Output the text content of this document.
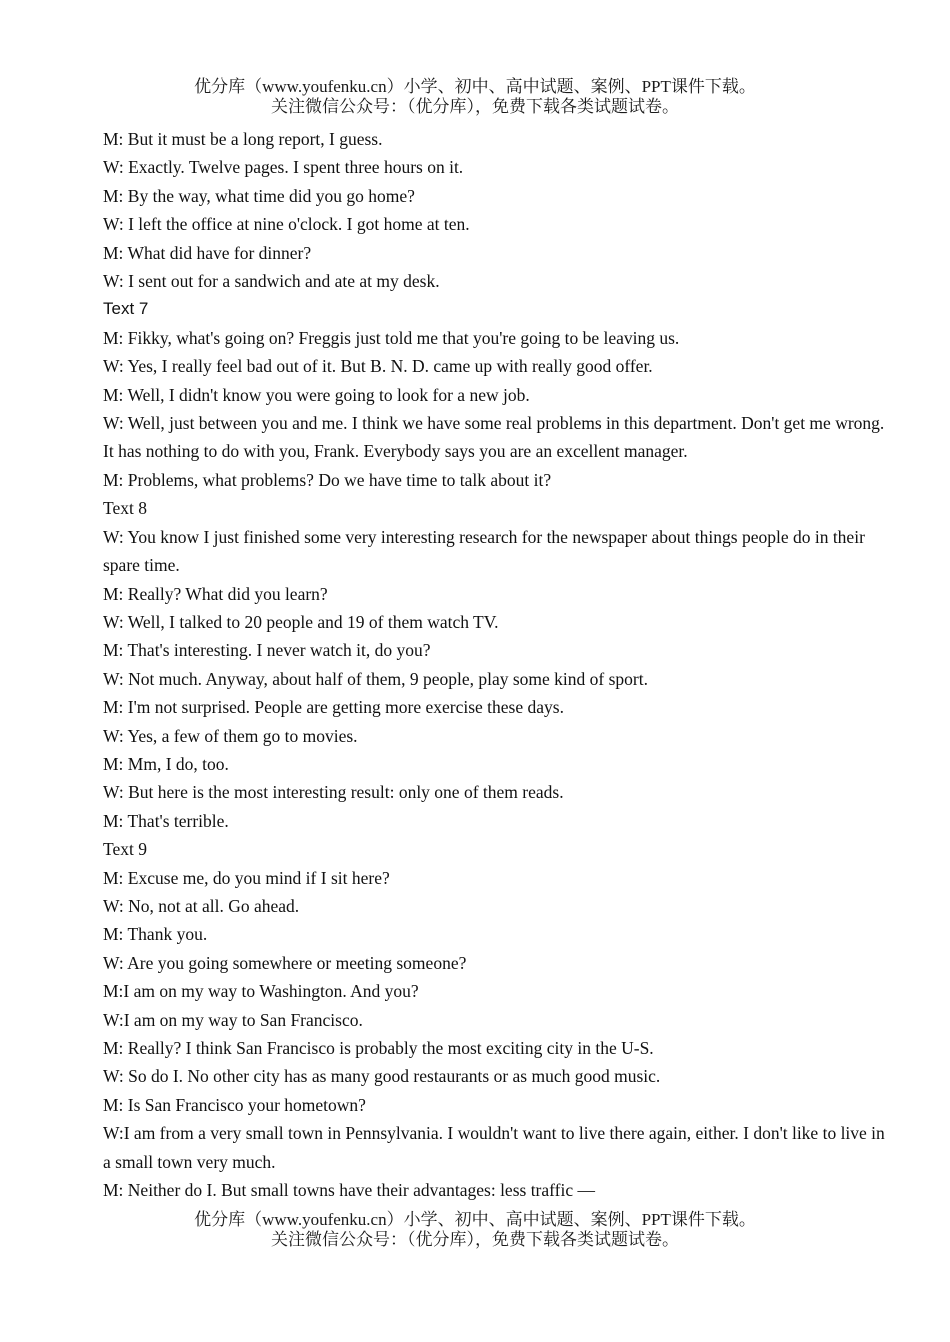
优分库（www.youfenku.cn）小学、初中、高中试题、案例、PPT课件下载。
关注微信公众号：（优分库），免费下载各类试题试卷。

M: But it must be a long report, I guess.

W: Exactly. Twelve pages. I spent three hours on it.

M: By the way, what time did you go home?

W: I left the office at nine o'clock. I got home at ten.

M: What did have for dinner?

W: I sent out for a sandwich and ate at my desk.

Text 7

M: Fikky, what's going on? Freggis just told me that you're going to be leaving us.

W: Yes, I really feel bad out of it. But B. N. D. came up with really good offer.

M: Well, I didn't know you were going to look for a new job.

W: Well, just between you and me. I think we have some real problems in this department. Don't get me wrong. It has nothing to do with you, Frank. Everybody says you are an excellent manager.

M: Problems, what problems? Do we have time to talk about it?

Text 8

W: You know I just finished some very interesting research for the newspaper about things people do in their spare time.

M: Really? What did you learn?

W: Well, I talked to 20 people and 19 of them watch TV.

M: That's interesting. I never watch it, do you?

W: Not much. Anyway, about half of them, 9 people, play some kind of sport.

M: I'm not surprised. People are getting more exercise these days.

W: Yes, a few of them go to movies.

M: Mm, I do, too.

W: But here is the most interesting result: only one of them reads.

M: That's terrible.

Text 9

M: Excuse me, do you mind if I sit here?

W: No, not at all. Go ahead.

M: Thank you.

W: Are you going somewhere or meeting someone?

M:I am on my way to Washington. And you?

W:I am on my way to San Francisco.

M: Really? I think San Francisco is probably the most exciting city in the U-S.

W: So do I. No other city has as many good restaurants or as much good music.

M: Is San Francisco your hometown?

W:I am from a very small town in Pennsylvania. I wouldn't want to live there again, either. I don't like to live in a small town very much.

M: Neither do I. But small towns have their advantages: less traffic —

优分库（www.youfenku.cn）小学、初中、高中试题、案例、PPT课件下载。
关注微信公众号：（优分库），免费下载各类试题试卷。
